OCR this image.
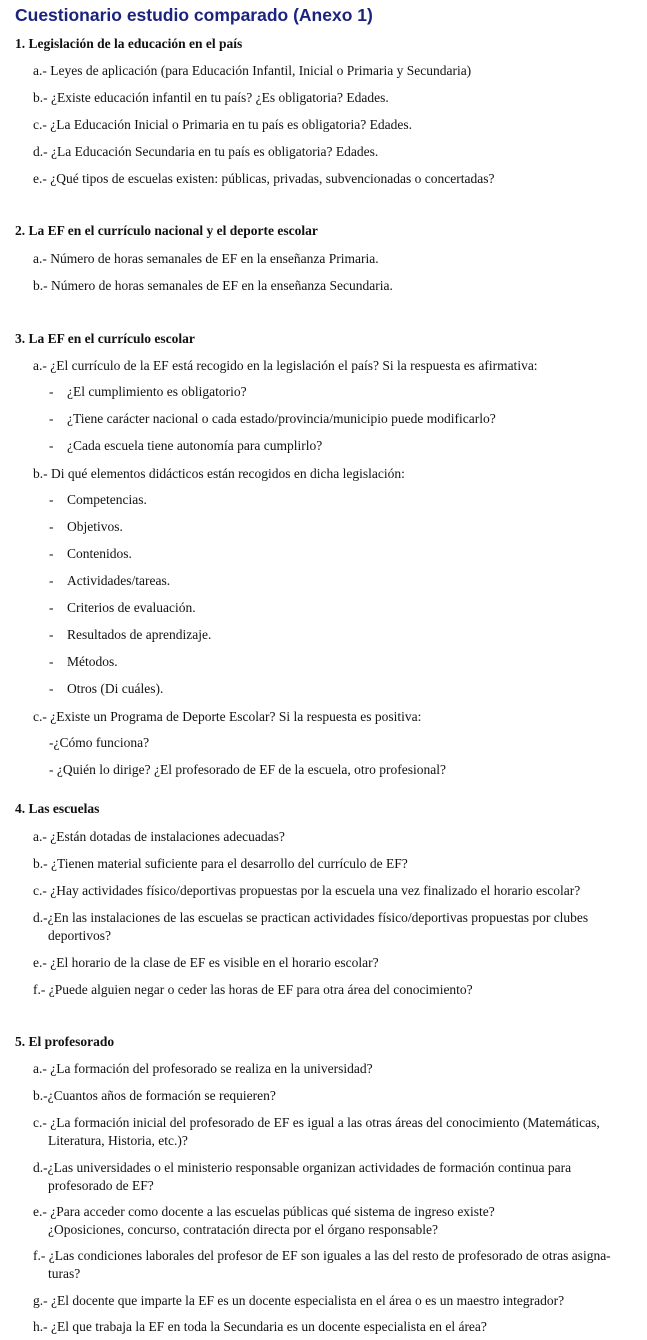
Cuestionario estudio comparado (Anexo 1)
1. Legislación de la educación en el país
a.- Leyes de aplicación (para Educación Infantil, Inicial o Primaria y Secundaria)
b.- ¿Existe educación infantil en tu país? ¿Es obligatoria? Edades.
c.- ¿La Educación Inicial o Primaria en tu país es obligatoria? Edades.
d.- ¿La Educación Secundaria en tu país es obligatoria? Edades.
e.- ¿Qué tipos de escuelas existen: públicas, privadas, subvencionadas o concertadas?
2. La EF en el currículo nacional y el deporte escolar
a.- Número de horas semanales de EF en la enseñanza Primaria.
b.- Número de horas semanales de EF en la enseñanza Secundaria.
3. La EF en el currículo escolar
a.- ¿El currículo de la EF está recogido en la legislación el país? Si la respuesta es afirmativa:
- ¿El cumplimiento es obligatorio?
- ¿Tiene carácter nacional o cada estado/provincia/municipio puede modificarlo?
- ¿Cada escuela tiene autonomía para cumplirlo?
b.- Di qué elementos didácticos están recogidos en dicha legislación:
- Competencias.
- Objetivos.
- Contenidos.
- Actividades/tareas.
- Criterios de evaluación.
- Resultados de aprendizaje.
- Métodos.
- Otros (Di cuáles).
c.- ¿Existe un Programa de Deporte Escolar? Si la respuesta es positiva:
-¿Cómo funciona?
- ¿Quién lo dirige? ¿El profesorado de EF de la escuela, otro profesional?
4. Las escuelas
a.- ¿Están dotadas de instalaciones adecuadas?
b.- ¿Tienen material suficiente para el desarrollo del currículo de EF?
c.- ¿Hay actividades físico/deportivas propuestas por la escuela una vez finalizado el horario escolar?
d.-¿En las instalaciones de las escuelas se practican actividades físico/deportivas propuestas por clubes
deportivos?
e.- ¿El horario de la clase de EF es visible en el horario escolar?
f.- ¿Puede alguien negar o ceder las horas de EF para otra área del conocimiento?
5. El profesorado
a.- ¿La formación del profesorado se realiza en la universidad?
b.-¿Cuantos años de formación se requieren?
c.- ¿La formación inicial del profesorado de EF es igual a las otras áreas del conocimiento (Matemáticas,
Literatura, Historia, etc.)?
d.-¿Las universidades o el ministerio responsable organizan actividades de formación continua para
profesorado de EF?
e.- ¿Para acceder como docente a las escuelas públicas qué sistema de ingreso existe?
¿Oposiciones, concurso, contratación directa por el órgano responsable?
f.- ¿Las condiciones laborales del profesor de EF son iguales a las del resto de profesorado de otras asigna-
turas?
g.- ¿El docente que imparte la EF es un docente especialista en el área o es un maestro integrador?
h.- ¿El que trabaja la EF en toda la Secundaria es un docente especialista en el área?
